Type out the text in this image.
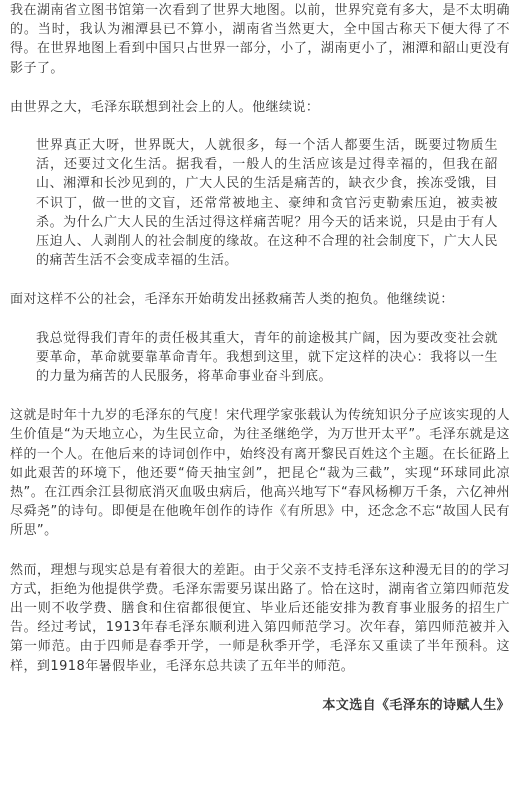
我在湖南省立图书馆第一次看到了世界大地图。以前，世界究竟有多大，是不太明确的。当时，我认为湘潭县已不算小，湖南省当然更大，全中国古称天下便大得了不得。在世界地图上看到中国只占世界一部分，小了，湖南更小了，湘潭和韶山更没有影子了。

由世界之大，毛泽东联想到社会上的人。他继续说：

世界真正大呀，世界既大，人就很多，每一个活人都要生活，既要过物质生活，还要过文化生活。据我看，一般人的生活应该是过得幸福的，但我在韶山、湘潭和长沙见到的，广大人民的生活是痛苦的，缺衣少食，挨冻受饿，目不识丁，做一世的文盲，还常常被地主、豪绅和贪官污吏勒索压迫，被卖被杀。为什么广大人民的生活过得这样痛苦呢？用今天的话来说，只是由于有人压迫人、人剥削人的社会制度的缘故。在这种不合理的社会制度下，广大人民的痛苦生活不会变成幸福的生活。

面对这样不公的社会，毛泽东开始萌发出拯救痛苦人类的抱负。他继续说：

我总觉得我们青年的责任极其重大，青年的前途极其广阔，因为要改变社会就要革命，革命就要靠革命青年。我想到这里，就下定这样的决心：我将以一生的力量为痛苦的人民服务，将革命事业奋斗到底。

这就是时年十九岁的毛泽东的气度！宋代理学家张载认为传统知识分子应该实现的人生价值是“为天地立心，为生民立命，为往圣继绝学，为万世开太平”。毛泽东就是这样的一个人。在他后来的诗词创作中，始终没有离开黎民百姓这个主题。在长征路上如此艰苦的环境下，他还要“倚天抽宝剑”，把昆仑“裁为三截”，实现“环球同此凉热”。在江西余江县彻底消灭血吸虫病后，他高兴地写下“春风杨柳万千条，六亿神州尽舜尧”的诗句。即便是在他晚年创作的诗作《有所思》中，还念念不忘“故国人民有所思”。

然而，理想与现实总是有着很大的差距。由于父亲不支持毛泽东这种漫无目的的学习方式，拒绝为他提供学费。毛泽东需要另谋出路了。恰在这时，湖南省立第四师范发出一则不收学费、膳食和住宿都很便宜、毕业后还能安排为教育事业服务的招生广告。经过考试，1913年春毛泽东顺利进入第四师范学习。次年春，第四师范被并入第一师范。由于四师是春季开学，一师是秋季开学，毛泽东又重读了半年预科。这样，到1918年暑假毕业，毛泽东总共读了五年半的师范。

本文选自《毛泽东的诗赋人生》
